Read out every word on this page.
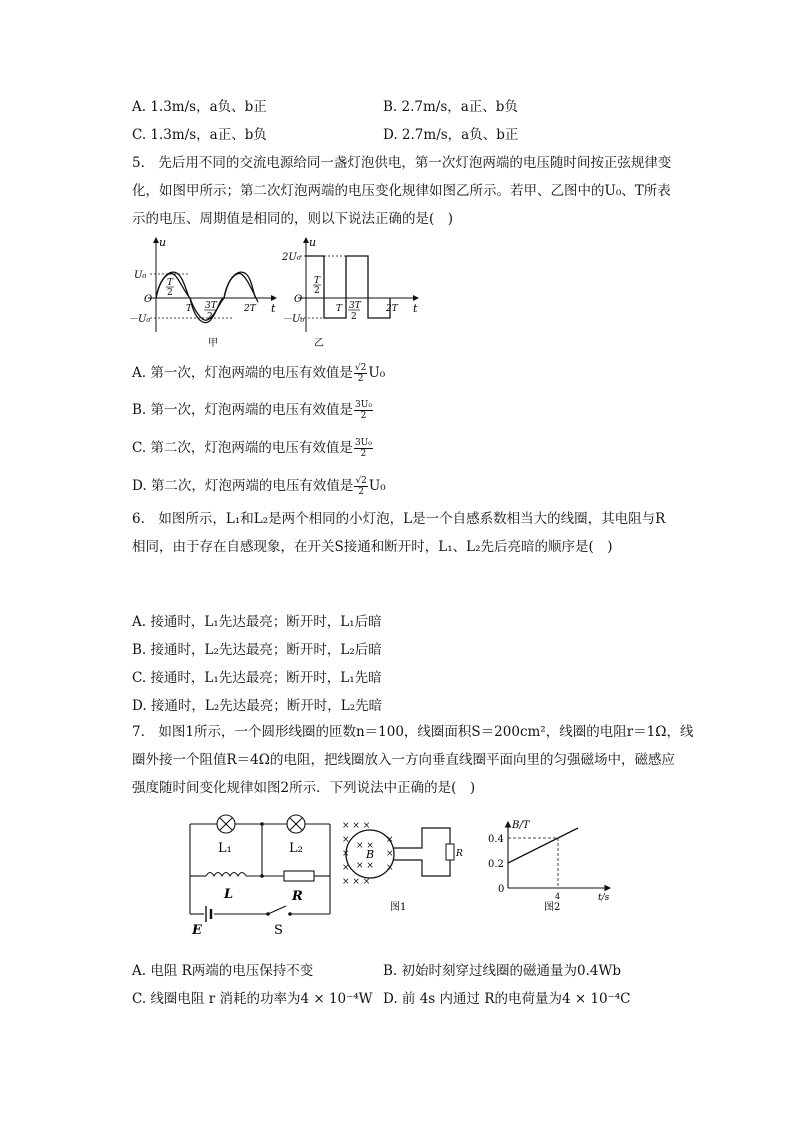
A. 1.3m/s，a负、b正	B. 2.7m/s，a正、b负
C. 1.3m/s，a正、b负	D. 2.7m/s，a负、b正
5.　先后用不同的交流电源给同一盏灯泡供电，第一次灯泡两端的电压随时间按正弦规律变
化，如图甲所示；第二次灯泡两端的电压变化规律如图乙所示。若甲、乙图中的U₀、T所表
示的电压、周期值是相同的，则以下说法正确的是(　)
u
t
U₀
－U₀
O
T
2
T 3T
2
2T
甲
u
t
2U₀
－U₀
O
T
2
T 3T
2
2T
乙
A. 第一次，灯泡两端的电压有效值是 $\frac{√2}{2} U_0$
B. 第一次，灯泡两端的电压有效值是 $\frac{\text{3U₀}}{2}$
C. 第二次，灯泡两端的电压有效值是 $\frac{\text{3U₀}}{2}$
D. 第二次，灯泡两端的电压有效值是 $\frac{√2}{2} U_0$
6.　如图所示，L₁和L₂是两个相同的小灯泡，L是一个自感系数相当大的线圈，其电阻与R
相同，由于存在自感现象，在开关S接通和断开时，L₁、L₂先后亮暗的顺序是(　)
A. 接通时，L₁先达最亮；断开时，L₁后暗
B. 接通时，L₂先达最亮；断开时，L₂后暗
C. 接通时，L₁先达最亮；断开时，L₁先暗
D. 接通时，L₂先达最亮；断开时，L₂先暗
7.　如图1所示，一个圆形线圈的匝数n＝100，线圈面积S＝200cm²，线圈的电阻r＝1Ω，线
圈外接一个阻值R＝4Ω的电阻，把线圈放入一方向垂直线圈平面向里的匀强磁场中，磁感应
强度随时间变化规律如图2所示．下列说法中正确的是(　)
L₁	L₂
L	R
E	S
× × ×
×	×
×	×
×	×
× × ×
× ×
× ×
B	R
图1
B/T
t/s
0.4
0.2
0
4
图2
A. 电阻 R两端的电压保持不变	B. 初始时刻穿过线圈的磁通量为0.4Wb
C. 线圈电阻 r 消耗的功率为4 × 10⁻⁴W D. 前 4s 内通过 R的电荷量为4 × 10⁻⁴C
